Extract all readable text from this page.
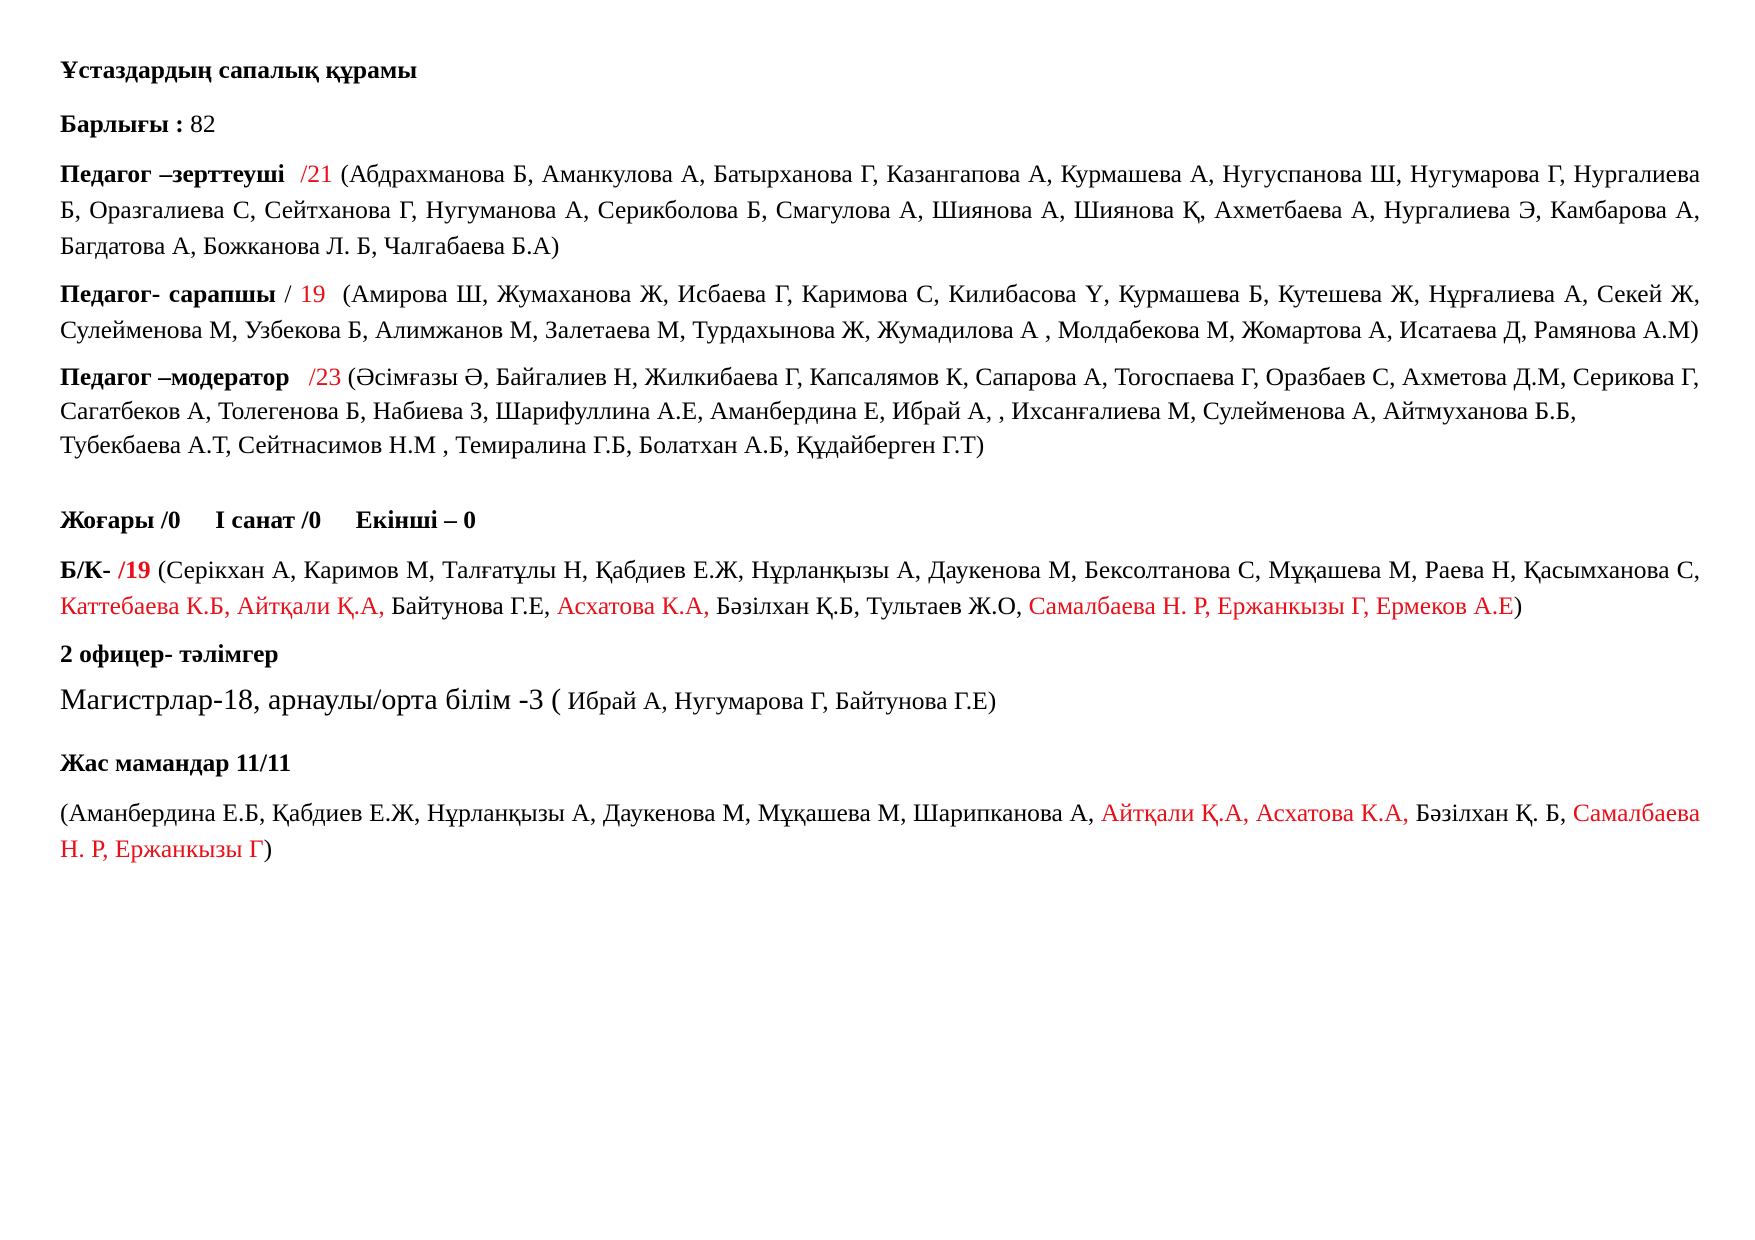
Ұстаздардың сапалық құрамы

Барлығы : 82

Педагог –зерттеуші /21 (Абдрахманова Б, Аманкулова А, Батырханова Г, Казангапова А, Курмашева А, Нугуспанова Ш, Нугумарова Г, Нургалиева Б, Оразгалиева С, Сейтханова Г, Нугуманова А, Серикболова Б, Смагулова А, Шиянова А, Шиянова Қ, Ахметбаева А, Нургалиева Э, Камбарова А, Багдатова А, Божканова Л. Б, Чалгабаева Б.А)

Педагог- сарапшы / 19 (Амирова Ш, Жумаханова Ж, Исбаева Г, Каримова С, Килибасова Ү, Курмашева Б, Кутешева Ж, Нұрғалиева А, Секей Ж, Сулейменова М, Узбекова Б, Алимжанов М, Залетаева М, Турдахынова Ж, Жумадилова А , Молдабекова М, Жомартова А, Исатаева Д, Рамянова А.М)

Педагог –модератор /23 (Әсімғазы Ә, Байгалиев Н, Жилкибаева Г, Капсалямов К, Сапарова А, Тогоспаева Г, Оразбаев С, Ахметова Д.М, Серикова Г, Сагатбеков А, Толегенова Б, Набиева З, Шарифуллина А.Е, Аманбердина Е, Ибрай А, , Ихсанғалиева М, Сулейменова А, Айтмуханова Б.Б, Тубекбаева А.Т, Сейтнасимов Н.М , Темиралина Г.Б, Болатхан А.Б, Құдайберген Г.Т)

Жоғары /0 I санат /0 Екінші – 0

Б/К- /19 (Серікхан А, Каримов М, Талғатұлы Н, Қабдиев Е.Ж, Нұрланқызы А, Даукенова М, Бексолтанова С, Мұқашева М, Раева Н, Қасымханова С, Каттебаева К.Б, Айтқали Қ.А, Байтунова Г.Е, Асхатова К.А, Бәзілхан Қ.Б, Тультаев Ж.О, Самалбаева Н. Р, Ержанкызы Г, Ермеков А.Е)

2 офицер- тәлімгер

Магистрлар-18, арнаулы/орта білім -3 ( Ибрай А, Нугумарова Г, Байтунова Г.Е)

Жас мамандар 11/11

(Аманбердина Е.Б, Қабдиев Е.Ж, Нұрланқызы А, Даукенова М, Мұқашева М, Шарипканова А, Айтқали Қ.А, Асхатова К.А, Бәзілхан Қ. Б, Самалбаева Н. Р, Ержанкызы Г)
